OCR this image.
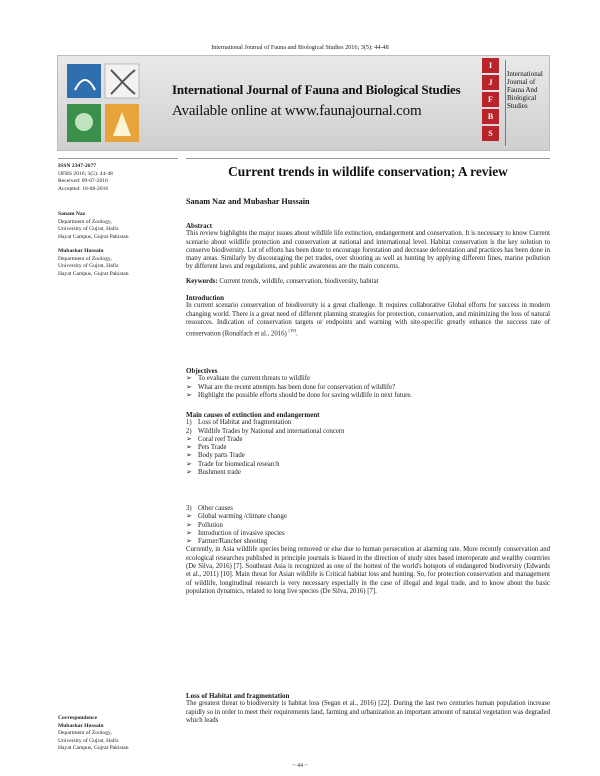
International Journal of Fauna and Biological Studies 2016; 3(5): 44-48
International Journal of Fauna and Biological Studies
Available online at www.faunajournal.com
I
J
F
B
S
International
Journal of
Fauna And
Biological
Studies
ISSN 2347-2677
IJFBS 2016; 3(5): 44-48
Received: 09-07-2016
Accepted: 10-08-2016
Sanam Naz
Department of Zoology,
University of Gujrat, Hafiz
Hayat Campus, Gujrat Pakistan
Mubashar Hussain
Department of Zoology,
University of Gujrat, Hafiz
Hayat Campus, Gujrat Pakistan
Correspondence
Mubashar Hussain
Department of Zoology,
University of Gujrat, Hafiz
Hayat Campus, Gujrat Pakistan
Current trends in wildlife conservation; A review
Sanam Naz and Mubashar Hussain
Abstract
This review highlights the major issues about wildlife life extinction, endangerment and conservation. It is necessary to know Current scenario about wildlife protection and conservation at national and international level. Habitat conservation is the key solution to conserve biodiversity. Lot of efforts has been done to encourage forestation and decrease deforestation and practices has been done in many areas. Similarly by discouraging the pet trades, over shooting as well as hunting by applying different fines, marine pollution by different laws and regulations, and public awareness are the main concerns.
Keywords: Current trends, wildlife, conservation, biodiversity, habitat
Introduction
In current scenario conservation of biodiversity is a great challenge. It requires collaborative Global efforts for success in modern changing world. There is a great need of different planning strategies for protection, conservation, and minimizing the loss of natural resources. Indication of conservation targets or endpoints and warning with site-specific greatly enhance the success rate of conservation (Ronalfach et al., 2016) [19].
Objectives
➢ To evaluate the current threats to wildlife
➢ What are the recent attempts has been done for conservation of wildlife?
➢ Highlight the possible efforts should be done for saving wildlife in next future.
Main causes of extinction and endangerment
1) Loss of Habitat and fragmentation
2) Wildlife Trades by National and international concern
➢ Coral reef Trade
➢ Pets Trade
➢ Body parts Trade
➢ Trade for biomedical research
➢ Bushment trade
3) Other causes
➢ Global warming /climate change
➢ Pollution
➢ Introduction of invasive species
➢ Farmer/Rancher shooting
Currently, in Asia wildlife species being removed or else due to human persecution at alarming rate. More recently conservation and ecological researches published in principle journals is biased in the direction of study sites based interoperate and wealthy countries (De Silva, 2016) [7]. Southeast Asia is recognized as one of the hottest of the world's hotspots of endangered biodiversity (Edwards et al., 2011) [10]. Main threat for Asian wildlife is Critical habitat loss and hunting. So, for protection conservation and management of wildlife, longitudinal research is very necessary especially in the case of illegal and legal trade, and to know about the basic population dynamics, related to long live species (De Silva, 2016) [7].
Loss of Habitat and fragmentation
The greatest threat to biodiversity is habitat loss (Segan et al., 2016) [22]. During the last two centuries human population increase rapidly so in order to meet their requirements land, farming and urbanization an important amount of natural vegetation was degraded which leads
~ 44 ~
